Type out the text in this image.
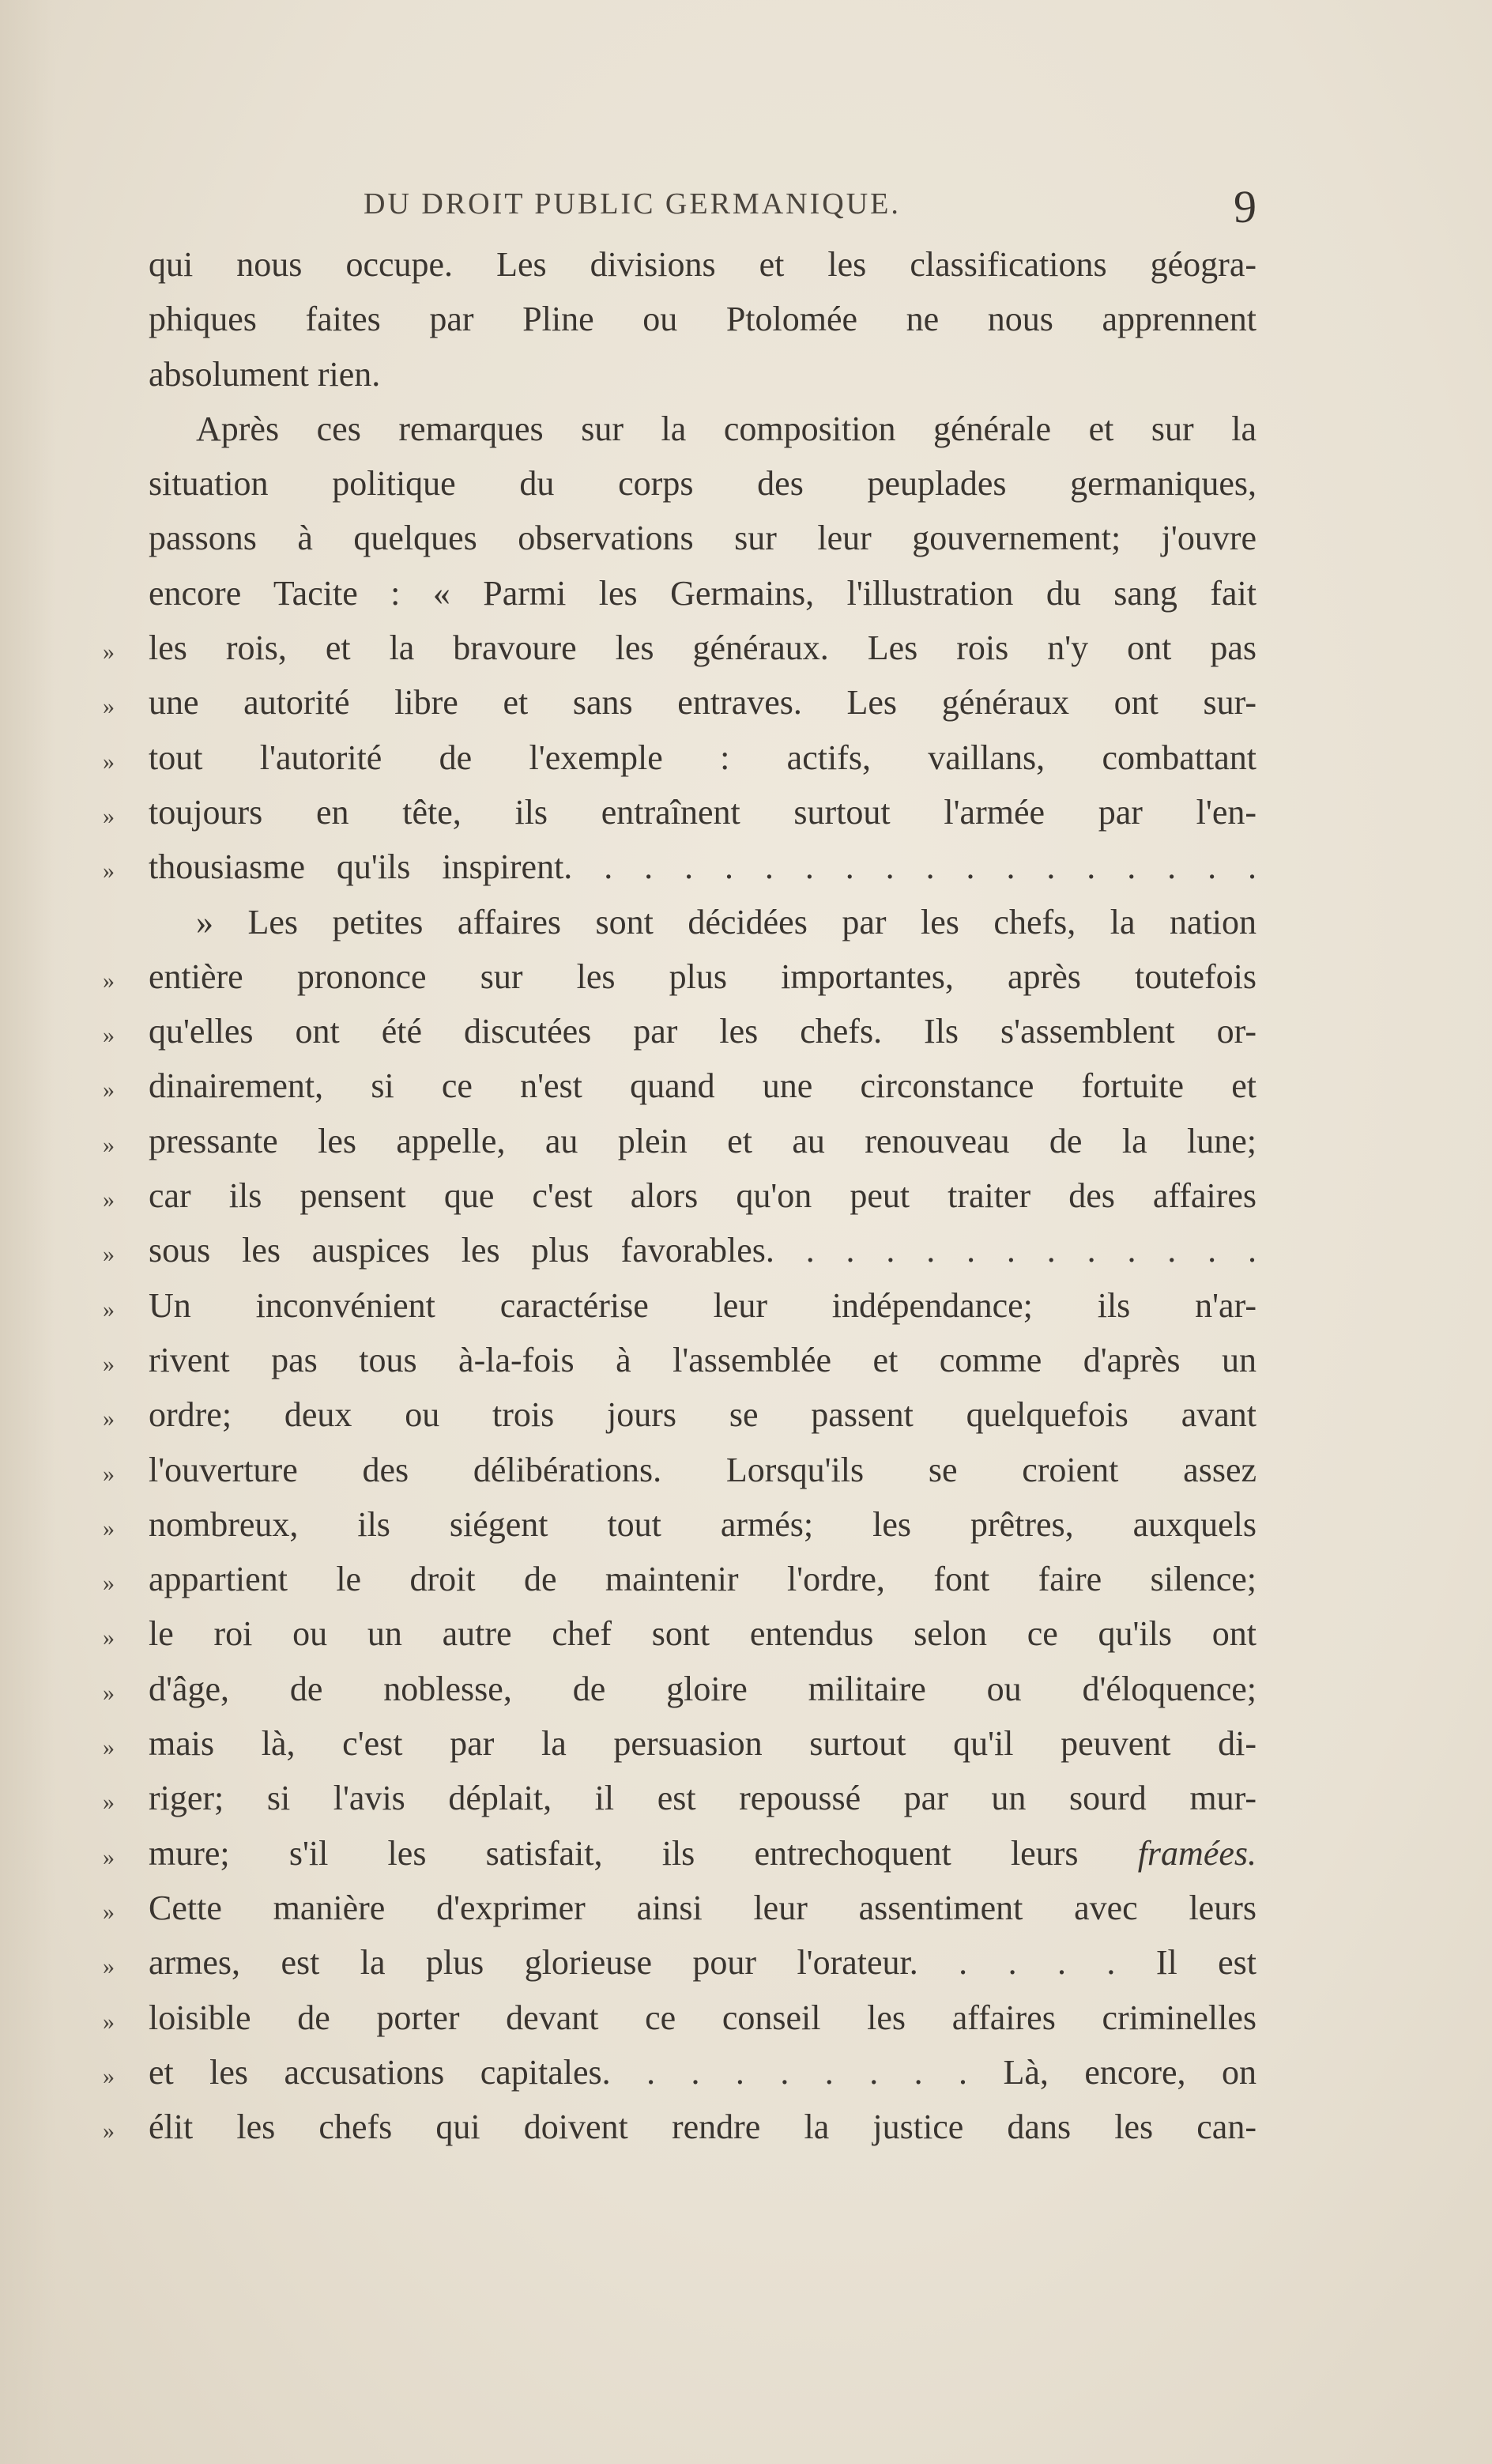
DU DROIT PUBLIC GERMANIQUE.	9
qui nous occupe. Les divisions et les classifications géogra-
phiques faites par Pline ou Ptolomée ne nous apprennent
absolument rien.
Après ces remarques sur la composition générale et sur la
situation politique du corps des peuplades germaniques,
passons à quelques observations sur leur gouvernement; j'ouvre
encore Tacite : « Parmi les Germains, l'illustration du sang fait
» les rois, et la bravoure les généraux. Les rois n'y ont pas
» une autorité libre et sans entraves. Les généraux ont sur-
» tout l'autorité de l'exemple : actifs, vaillans, combattant
» toujours en tête, ils entraînent surtout l'armée par l'en-
» thousiasme qu'ils inspirent. . . . . . . . . . . . . . . . . .
» Les petites affaires sont décidées par les chefs, la nation
» entière prononce sur les plus importantes, après toutefois
» qu'elles ont été discutées par les chefs. Ils s'assemblent or-
» dinairement, si ce n'est quand une circonstance fortuite et
» pressante les appelle, au plein et au renouveau de la lune;
» car ils pensent que c'est alors qu'on peut traiter des affaires
» sous les auspices les plus favorables. . . . . . . . . . . . .
» Un inconvénient caractérise leur indépendance; ils n'ar-
» rivent pas tous à-la-fois à l'assemblée et comme d'après un
» ordre; deux ou trois jours se passent quelquefois avant
» l'ouverture des délibérations. Lorsqu'ils se croient assez
» nombreux, ils siégent tout armés; les prêtres, auxquels
» appartient le droit de maintenir l'ordre, font faire silence;
» le roi ou un autre chef sont entendus selon ce qu'ils ont
» d'âge, de noblesse, de gloire militaire ou d'éloquence;
» mais là, c'est par la persuasion surtout qu'il peuvent di-
» riger; si l'avis déplait, il est repoussé par un sourd mur-
» mure; s'il les satisfait, ils entrechoquent leurs framées.
» Cette manière d'exprimer ainsi leur assentiment avec leurs
» armes, est la plus glorieuse pour l'orateur. . . . . Il est
» loisible de porter devant ce conseil les affaires criminelles
» et les accusations capitales. . . . . . . . . Là, encore, on
» élit les chefs qui doivent rendre la justice dans les can-
